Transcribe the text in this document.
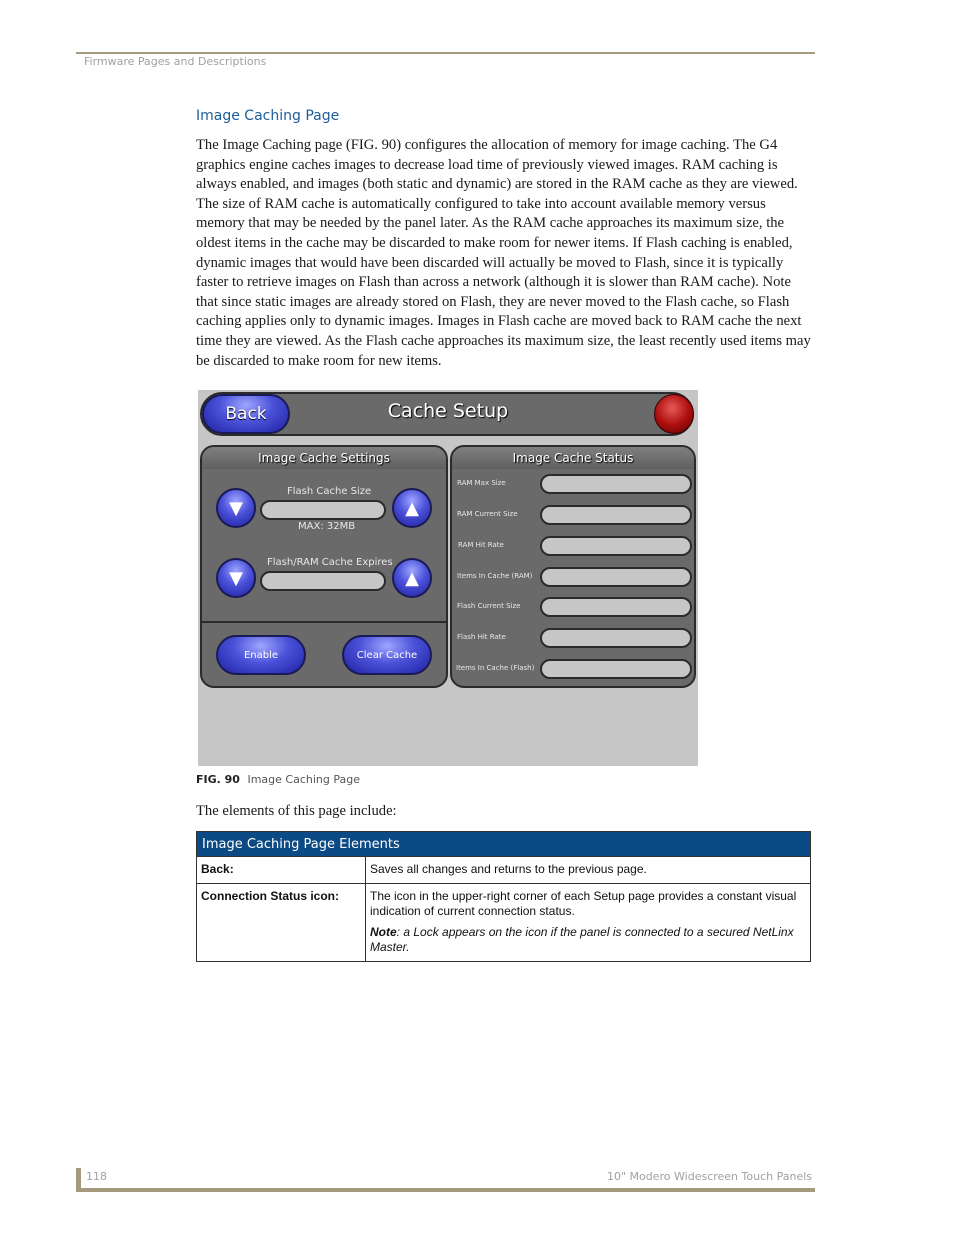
Firmware Pages and Descriptions
Image Caching Page

The Image Caching page (FIG. 90) configures the allocation of memory for image caching. The G4 graphics engine caches images to decrease load time of previously viewed images. RAM caching is always enabled, and images (both static and dynamic) are stored in the RAM cache as they are viewed. The size of RAM cache is automatically configured to take into account available memory versus memory that may be needed by the panel later. As the RAM cache approaches its maximum size, the oldest items in the cache may be discarded to make room for newer items. If Flash caching is enabled, dynamic images that would have been discarded will actually be moved to Flash, since it is typically faster to retrieve images on Flash than across a network (although it is slower than RAM cache). Note that since static images are already stored on Flash, they are never moved to the Flash cache, so Flash caching applies only to dynamic images. Images in Flash cache are moved back to RAM cache the next time they are viewed. As the Flash cache approaches its maximum size, the least recently used items may be discarded to make room for new items.

Back	Cache Setup
Image Cache Settings
▼
Flash Cache Size
MAX: 32MB
▲
▼
Flash/RAM Cache Expires
▲
Enable	Clear Cache
Image Cache Status
RAM Max Size
RAM Current Size
RAM Hit Rate
Items In Cache (RAM)
Flash Current Size
Flash Hit Rate
Items In Cache (Flash)
FIG. 90 Image Caching Page
The elements of this page include:
Image Caching Page Elements	
Back:	Saves all changes and returns to the previous page.
Connection Status icon:	The icon in the upper-right corner of each Setup page provides a constant visual indication of current connection status.
Note: a Lock appears on the icon if the panel is connected to a secured NetLinx Master.
118	10" Modero Widescreen Touch Panels
